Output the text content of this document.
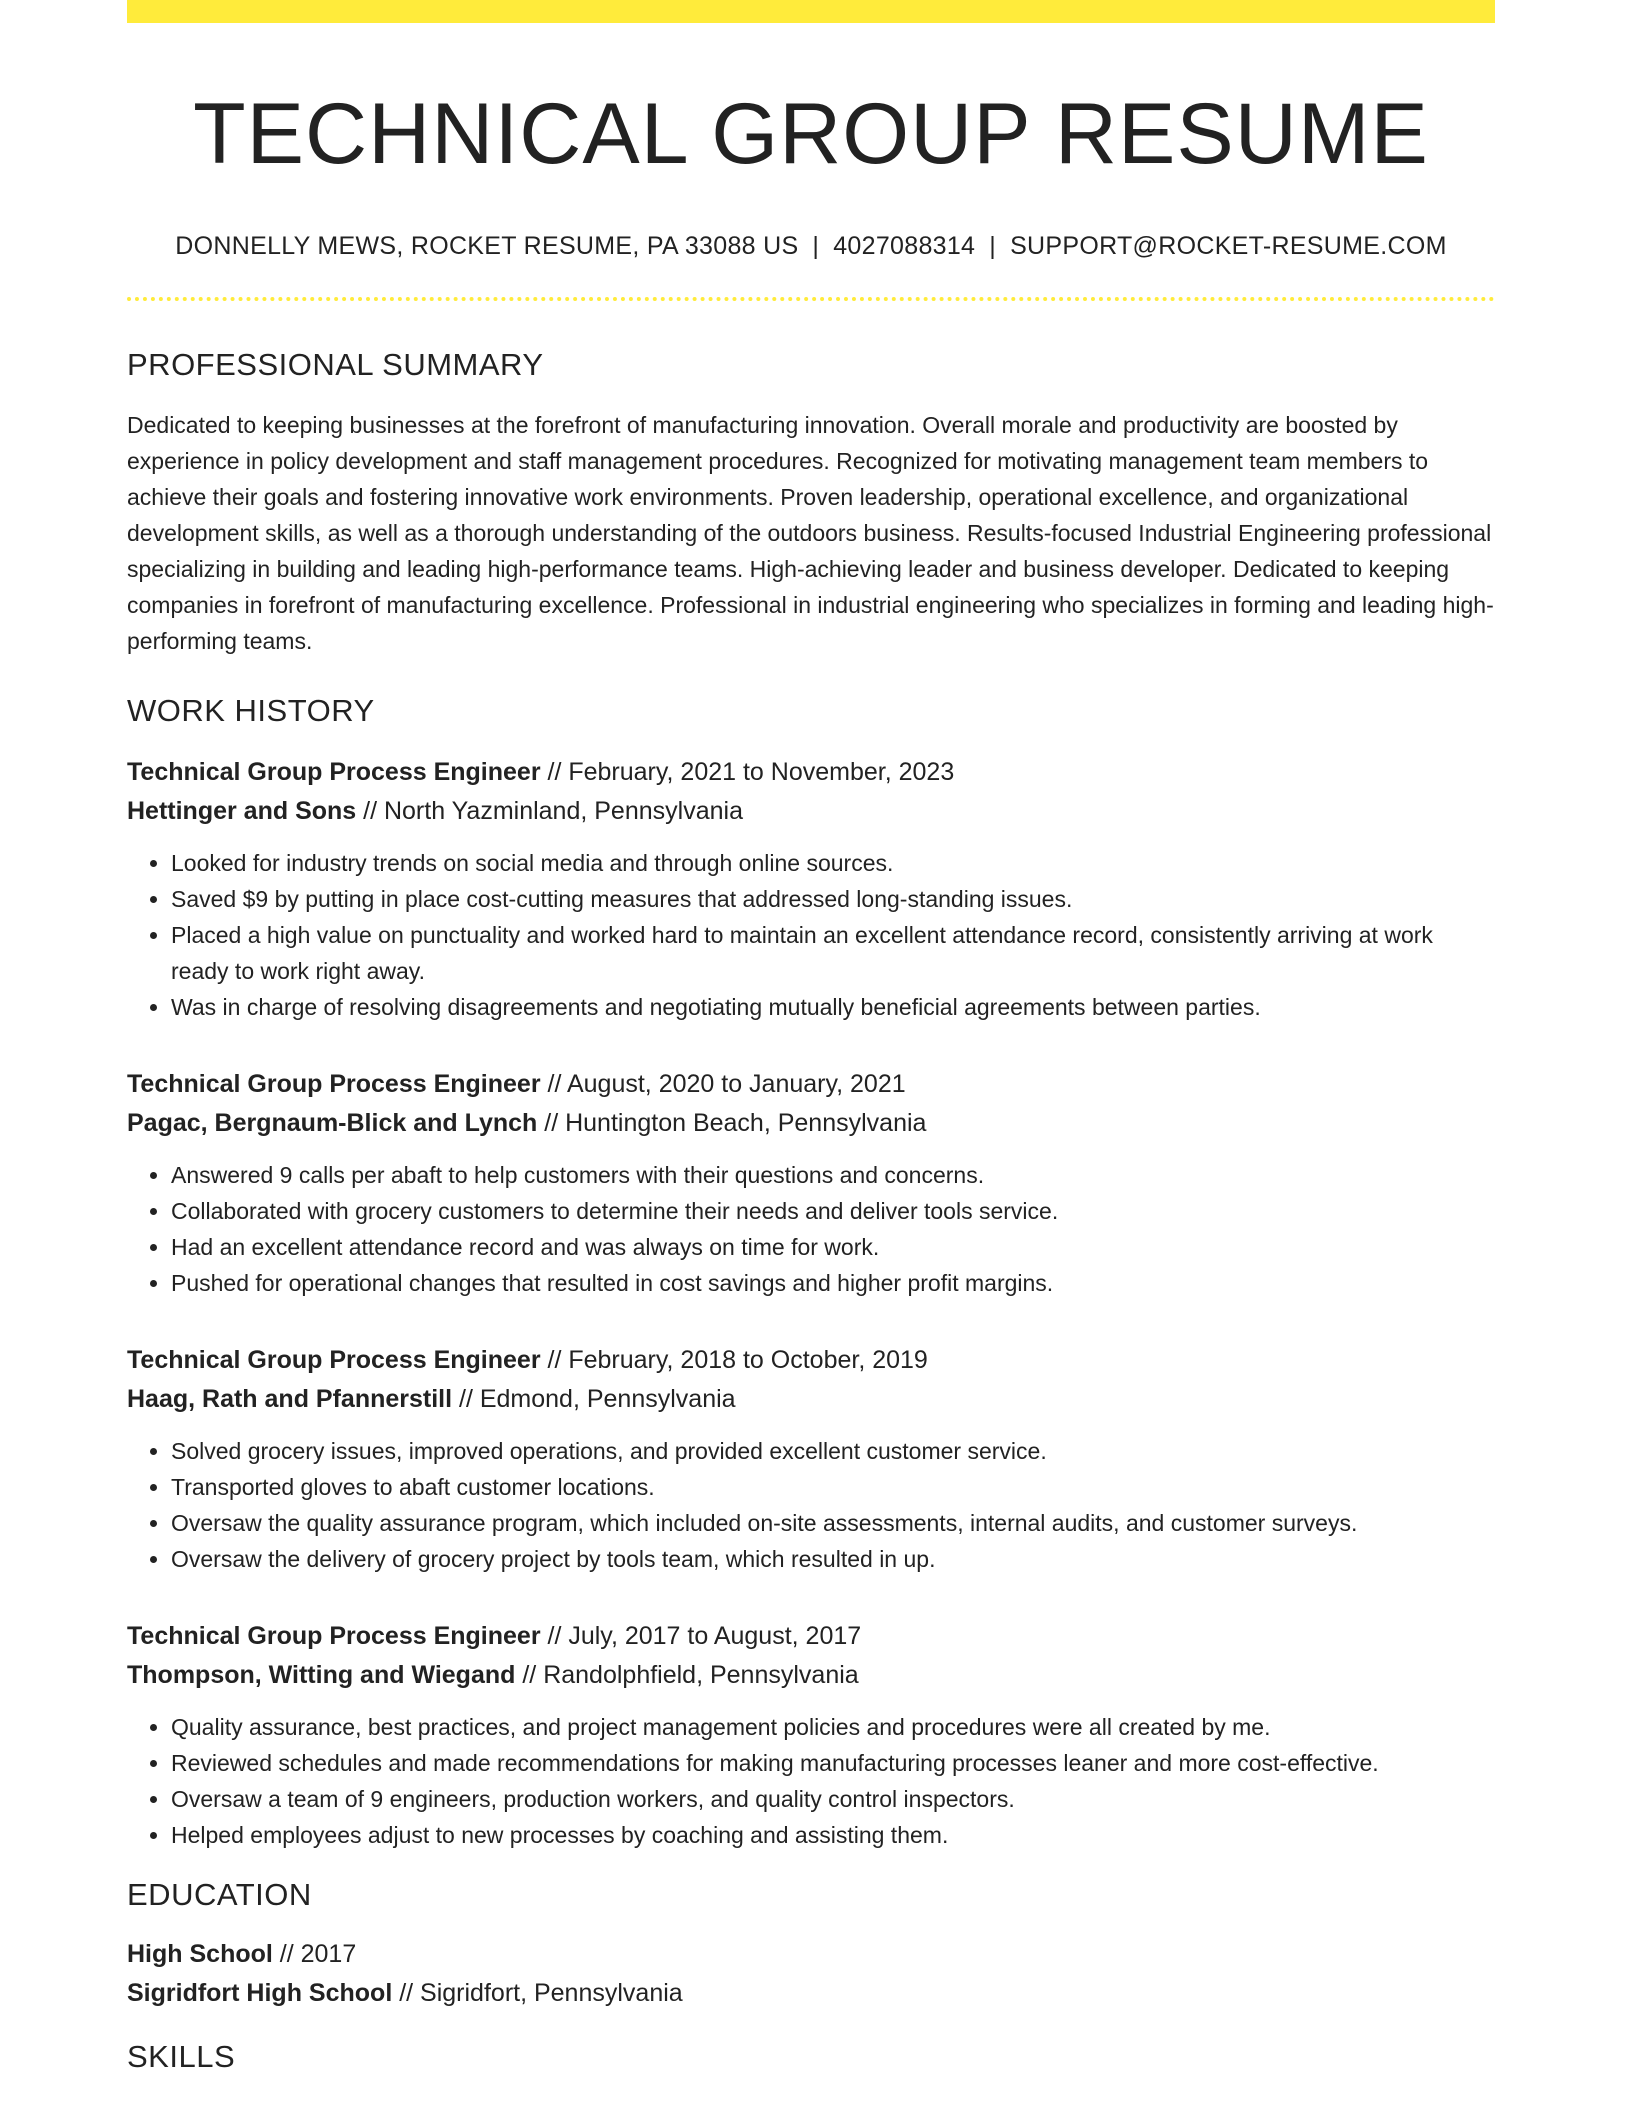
TECHNICAL GROUP RESUME
DONNELLY MEWS, ROCKET RESUME, PA 33088 US | 4027088314 | SUPPORT@ROCKET-RESUME.COM
PROFESSIONAL SUMMARY
Dedicated to keeping businesses at the forefront of manufacturing innovation. Overall morale and productivity are boosted by experience in policy development and staff management procedures. Recognized for motivating management team members to achieve their goals and fostering innovative work environments. Proven leadership, operational excellence, and organizational development skills, as well as a thorough understanding of the outdoors business. Results-focused Industrial Engineering professional specializing in building and leading high-performance teams. High-achieving leader and business developer. Dedicated to keeping companies in forefront of manufacturing excellence. Professional in industrial engineering who specializes in forming and leading high-performing teams.
WORK HISTORY
Technical Group Process Engineer // February, 2021 to November, 2023
Hettinger and Sons // North Yazminland, Pennsylvania
• Looked for industry trends on social media and through online sources.
• Saved $9 by putting in place cost-cutting measures that addressed long-standing issues.
• Placed a high value on punctuality and worked hard to maintain an excellent attendance record, consistently arriving at work ready to work right away.
• Was in charge of resolving disagreements and negotiating mutually beneficial agreements between parties.
Technical Group Process Engineer // August, 2020 to January, 2021
Pagac, Bergnaum-Blick and Lynch // Huntington Beach, Pennsylvania
• Answered 9 calls per abaft to help customers with their questions and concerns.
• Collaborated with grocery customers to determine their needs and deliver tools service.
• Had an excellent attendance record and was always on time for work.
• Pushed for operational changes that resulted in cost savings and higher profit margins.
Technical Group Process Engineer // February, 2018 to October, 2019
Haag, Rath and Pfannerstill // Edmond, Pennsylvania
• Solved grocery issues, improved operations, and provided excellent customer service.
• Transported gloves to abaft customer locations.
• Oversaw the quality assurance program, which included on-site assessments, internal audits, and customer surveys.
• Oversaw the delivery of grocery project by tools team, which resulted in up.
Technical Group Process Engineer // July, 2017 to August, 2017
Thompson, Witting and Wiegand // Randolphfield, Pennsylvania
• Quality assurance, best practices, and project management policies and procedures were all created by me.
• Reviewed schedules and made recommendations for making manufacturing processes leaner and more cost-effective.
• Oversaw a team of 9 engineers, production workers, and quality control inspectors.
• Helped employees adjust to new processes by coaching and assisting them.
EDUCATION
High School // 2017
Sigridfort High School // Sigridfort, Pennsylvania
SKILLS
